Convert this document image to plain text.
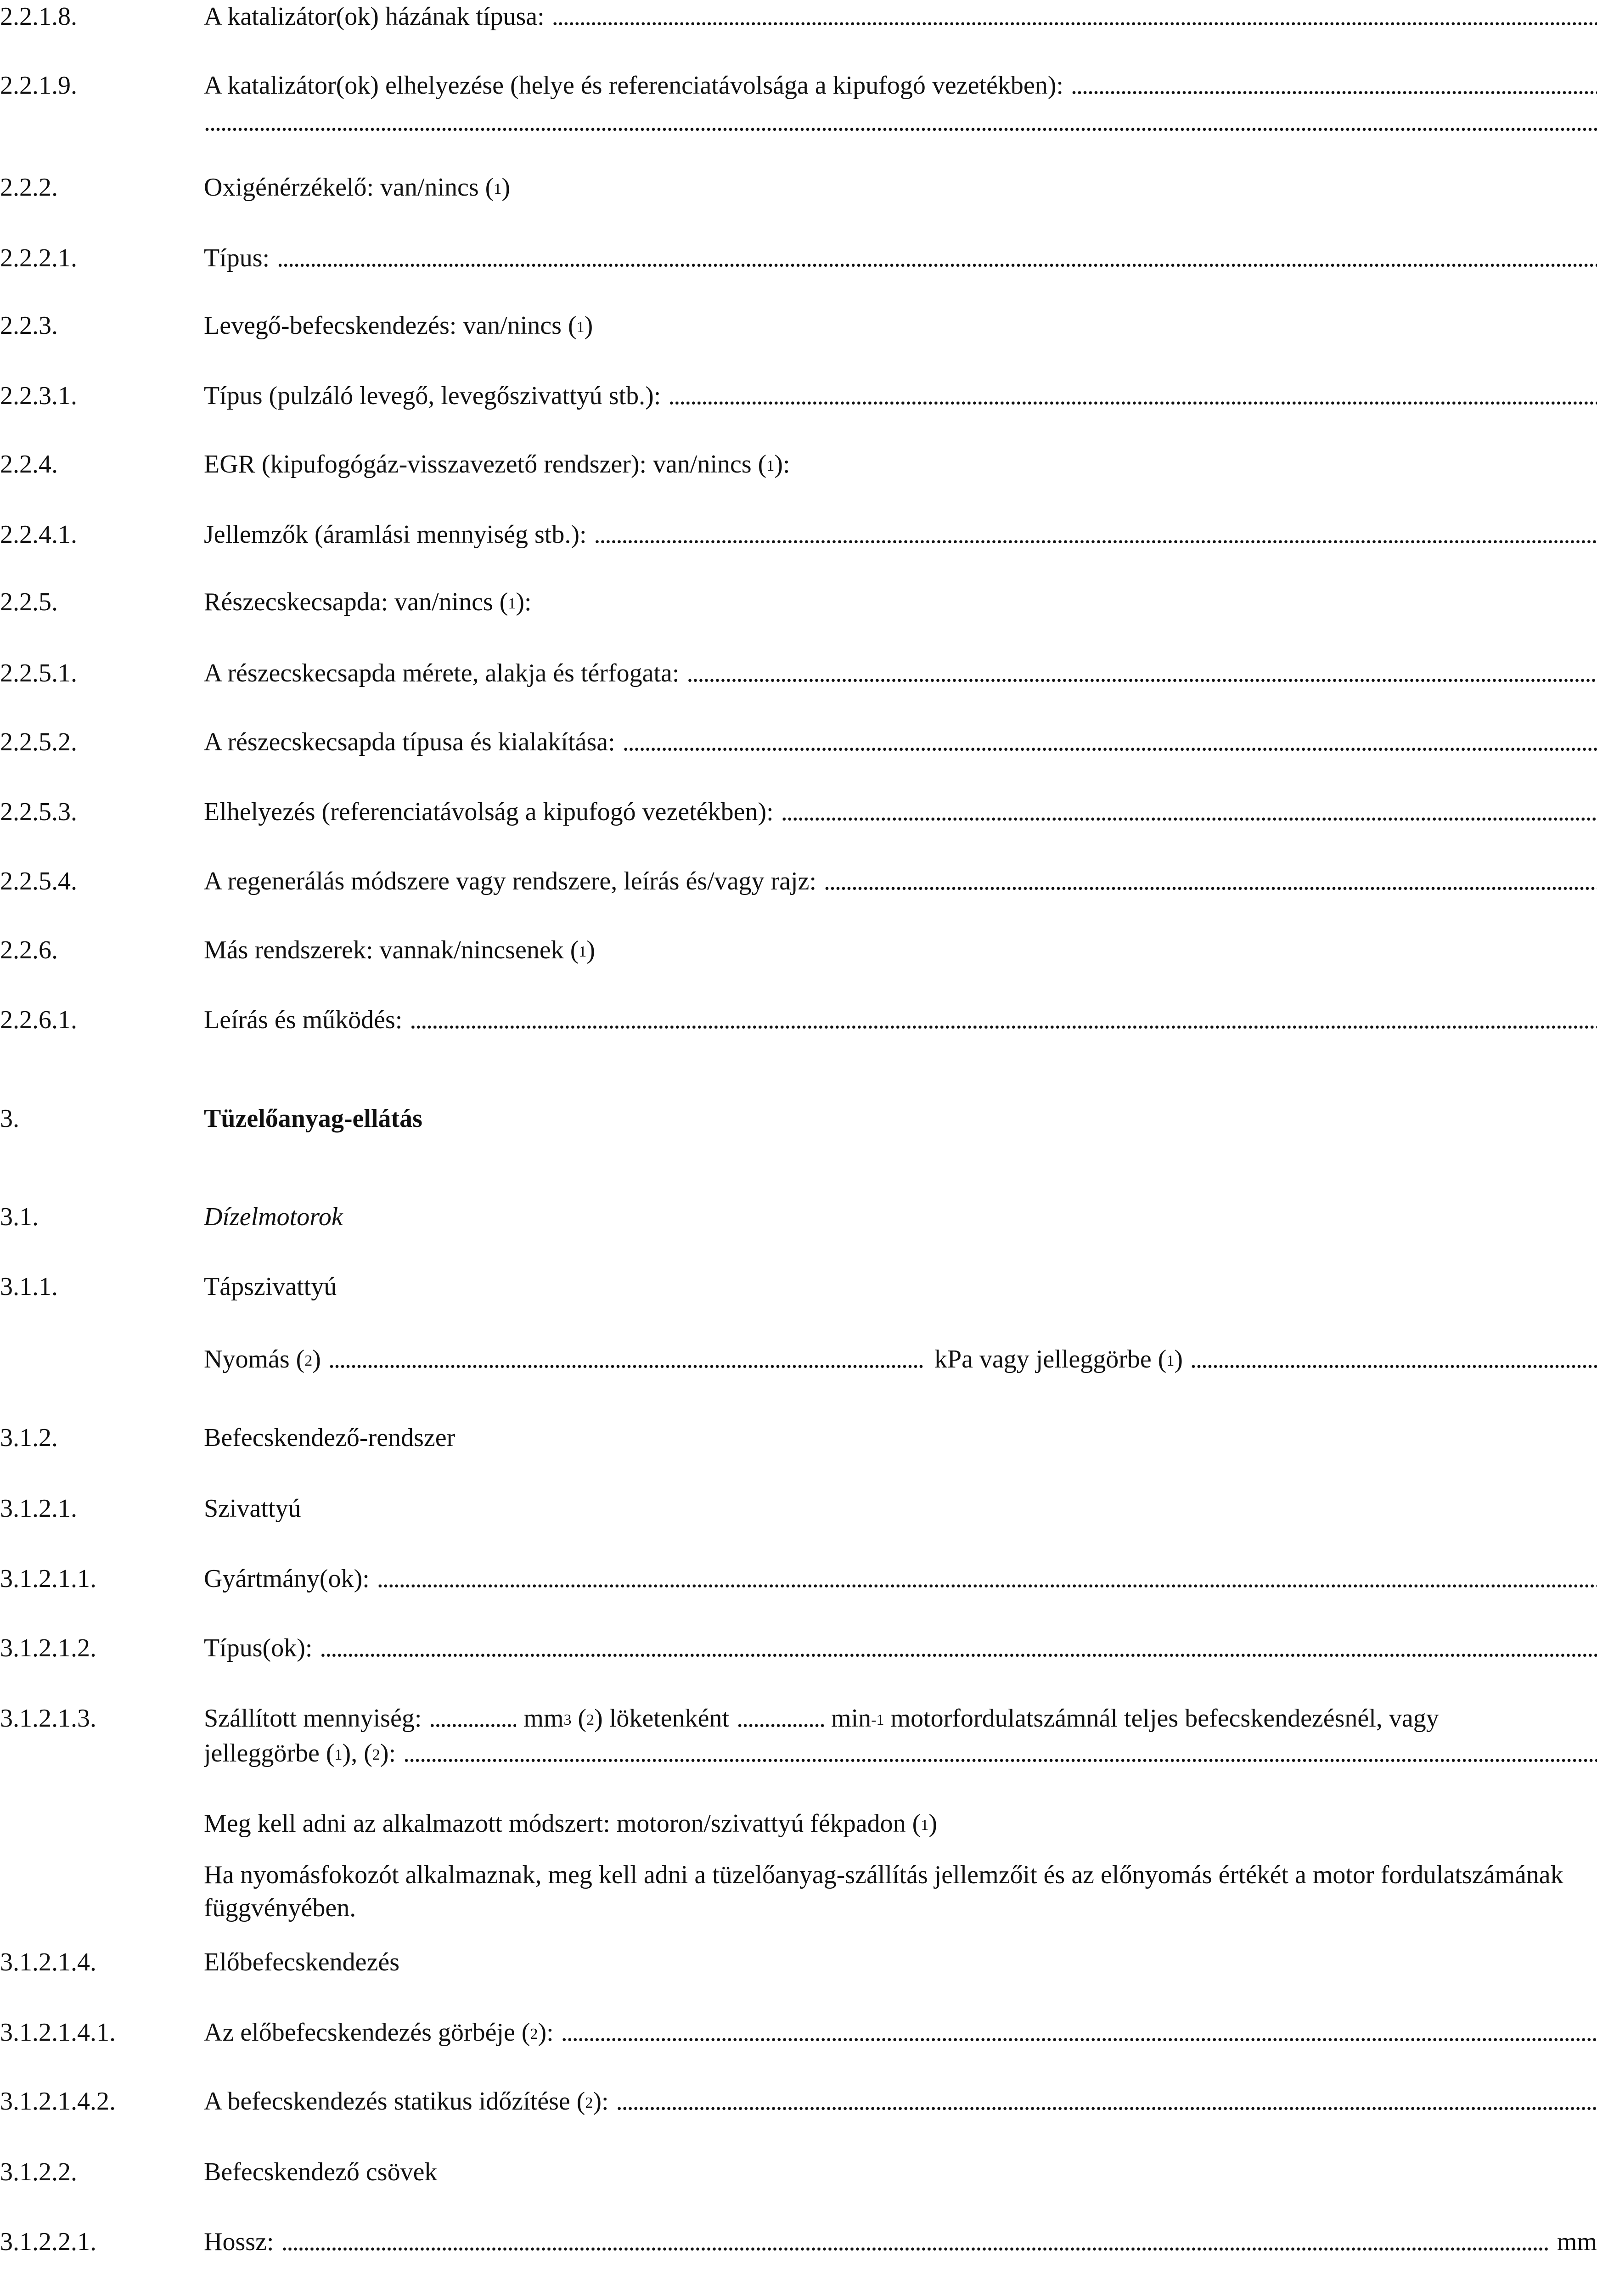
2.2.1.8.	A katalizátor(ok) házának típusa:
. . .
2.2.1.9.	A katalizátor(ok) elhelyezése (helye és referenciatávolsága a kipufogó vezetékben):
. . .
. . .
2.2.2.	Oxigénérzékelő: van/nincs ($^1$)
2.2.2.1.	Típus:
. . .
2.2.3.	Levegő-befecskendezés: van/nincs ($^1$)
2.2.3.1.	Típus (pulzáló levegő, levegőszivattyú stb.):
. . .
2.2.4.	EGR (kipufogógáz-visszavezető rendszer): van/nincs ($^1$):
2.2.4.1.	Jellemzők (áramlási mennyiség stb.):
. . .
2.2.5.	Részecskecsapda: van/nincs ($^1$):
2.2.5.1.	A részecskecsapda mérete, alakja és térfogata:
. . .
2.2.5.2.	A részecskecsapda típusa és kialakítása:
. . .
2.2.5.3.	Elhelyezés (referenciatávolság a kipufogó vezetékben):
. . .
2.2.5.4.	A regenerálás módszere vagy rendszere, leírás és/vagy rajz:
. . .
2.2.6.	Más rendszerek: vannak/nincsenek ($^1$)
2.2.6.1.	Leírás és működés:
. . .
3.	Tüzelőanyag-ellátás
3.1.	Dízelmotorok
3.1.1.	Tápszivattyú
Nyomás ($^2$) . . .	kPa vagy jelleggörbe ($^1$)
. . .
3.1.2.	Befecskendező-rendszer
3.1.2.1.	Szivattyú
3.1.2.1.1.	Gyártmány(ok):
. . .
3.1.2.1.2.	Típus(ok):
. . .
3.1.2.1.3.	Szállított mennyiség: . . .	$mm^3$ ($^2$) löketenként . . .	$\min^{-1}$ motorfordulatszámnál teljes befecskendezésnél, vagy
jelleggörbe ($^1$), ($^2$):
. . .
Meg kell adni az alkalmazott módszert: motoron/szivattyú fékpadon ($^1$)
Ha nyomásfokozót alkalmaznak, meg kell adni a tüzelőanyag-szállítás jellemzőit és az előnyomás értékét a motor fordulatszámának függvényében.
3.1.2.1.4.	Előbefecskendezés
3.1.2.1.4.1.	Az előbefecskendezés görbéje ($^2$):
. . .
3.1.2.1.4.2.	A befecskendezés statikus időzítése ($^2$):
. . .
3.1.2.2.	Befecskendező csövek
3.1.2.2.1.	Hossz: . . .	mm
